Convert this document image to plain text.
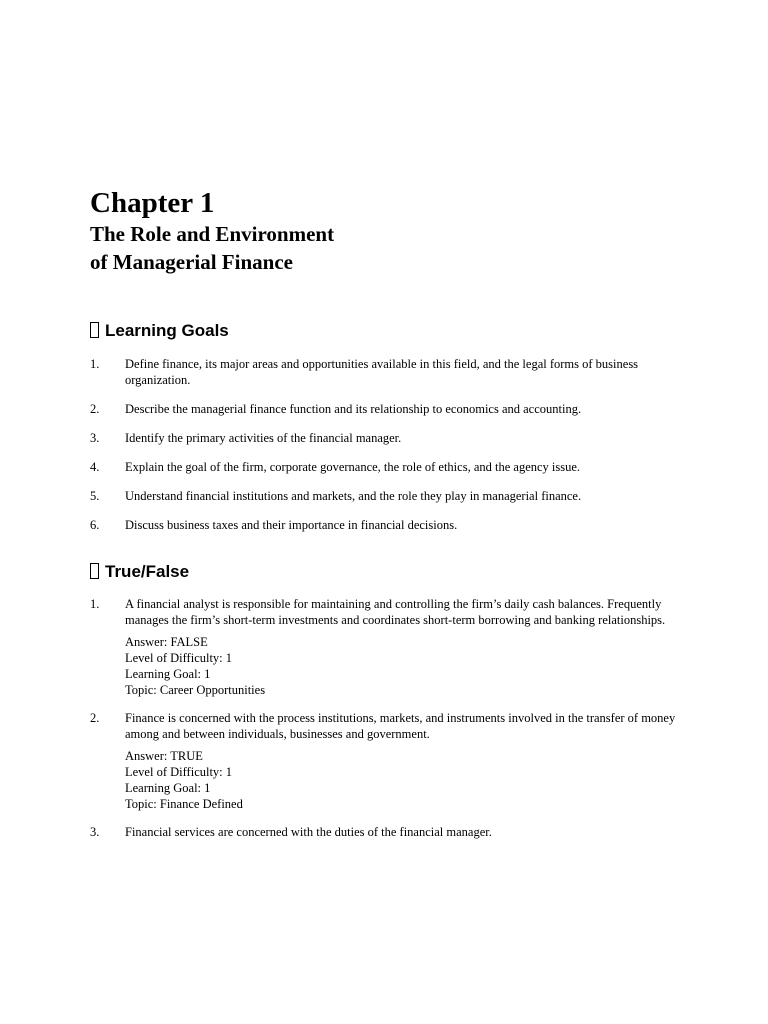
Chapter 1
The Role and Environment
of Managerial Finance
Learning Goals
1. Define finance, its major areas and opportunities available in this field, and the legal forms of business organization.
2. Describe the managerial finance function and its relationship to economics and accounting.
3. Identify the primary activities of the financial manager.
4. Explain the goal of the firm, corporate governance, the role of ethics, and the agency issue.
5. Understand financial institutions and markets, and the role they play in managerial finance.
6. Discuss business taxes and their importance in financial decisions.
True/False
1. A financial analyst is responsible for maintaining and controlling the firm’s daily cash balances. Frequently manages the firm’s short-term investments and coordinates short-term borrowing and banking relationships.
Answer: FALSE
Level of Difficulty: 1
Learning Goal: 1
Topic: Career Opportunities
2. Finance is concerned with the process institutions, markets, and instruments involved in the transfer of money among and between individuals, businesses and government.
Answer: TRUE
Level of Difficulty: 1
Learning Goal: 1
Topic: Finance Defined
3. Financial services are concerned with the duties of the financial manager.
